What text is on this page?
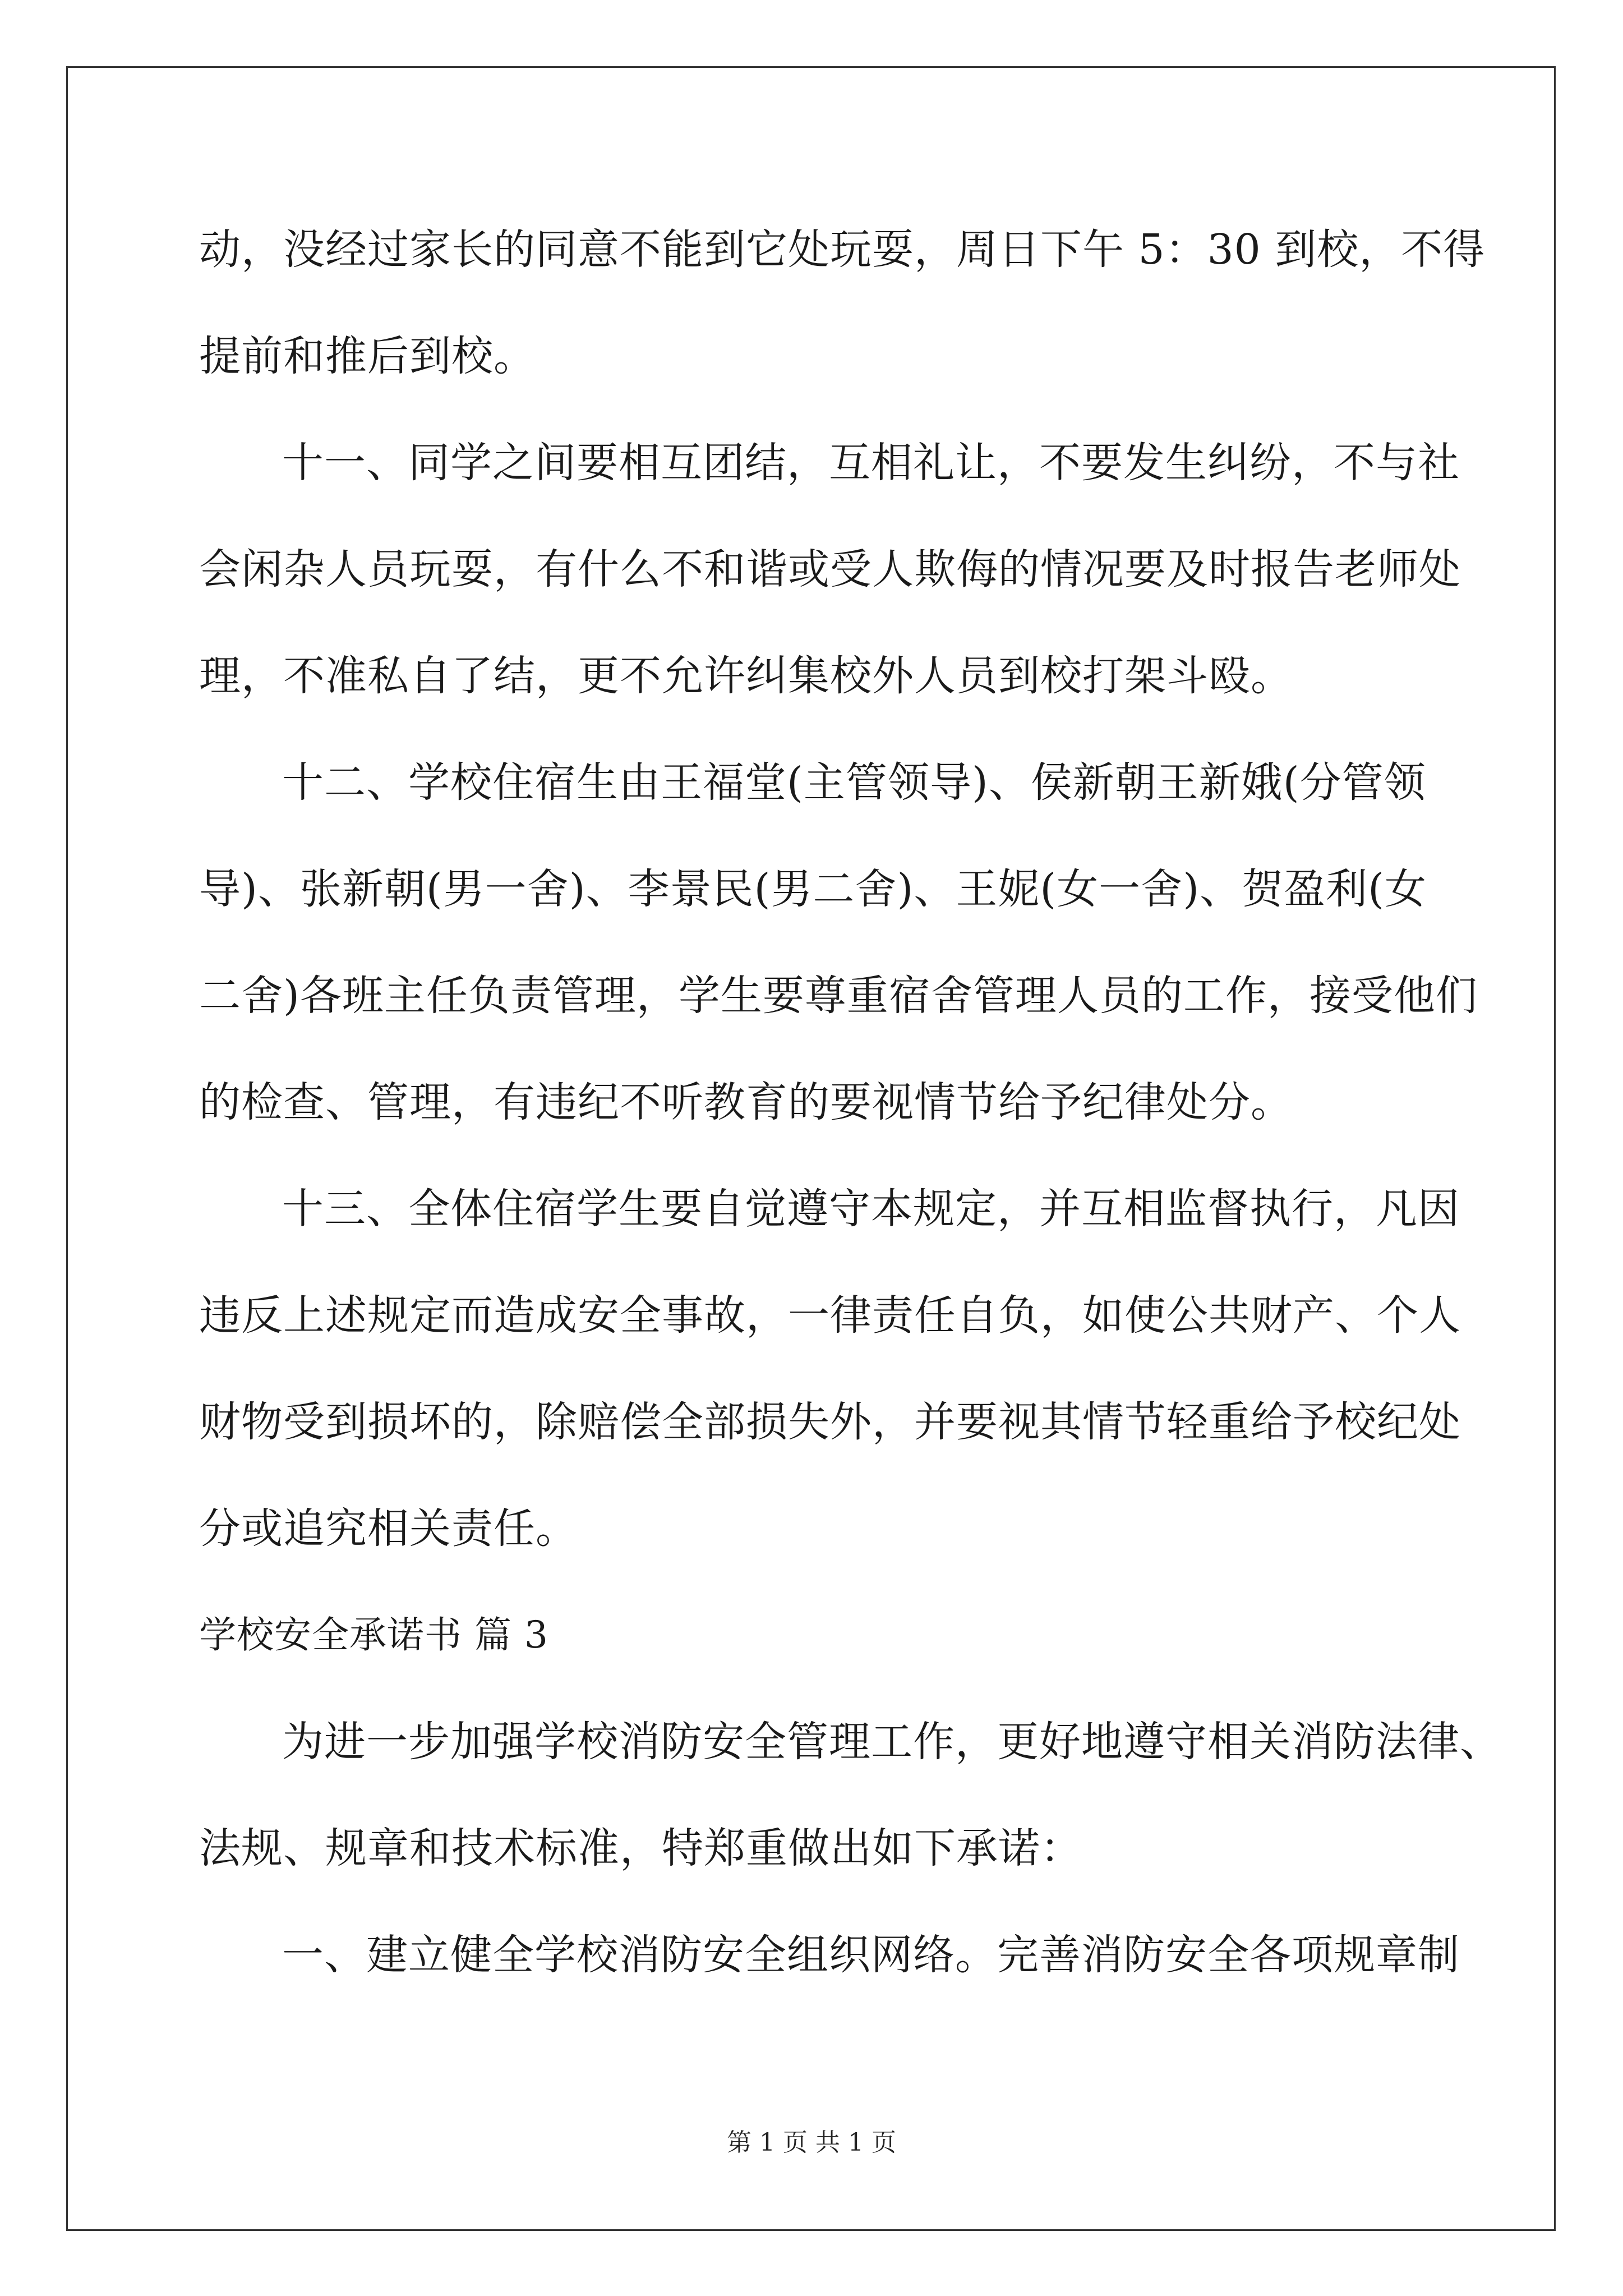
动，没经过家长的同意不能到它处玩耍，周日下午 5：30 到校，不得
提前和推后到校。
十一、同学之间要相互团结，互相礼让，不要发生纠纷，不与社
会闲杂人员玩耍，有什么不和谐或受人欺侮的情况要及时报告老师处
理，不准私自了结，更不允许纠集校外人员到校打架斗殴。
十二、学校住宿生由王福堂(主管领导)、侯新朝王新娥(分管领
导)、张新朝(男一舍)、李景民(男二舍)、王妮(女一舍)、贺盈利(女
二舍)各班主任负责管理，学生要尊重宿舍管理人员的工作，接受他们
的检查、管理，有违纪不听教育的要视情节给予纪律处分。
十三、全体住宿学生要自觉遵守本规定，并互相监督执行，凡因
违反上述规定而造成安全事故，一律责任自负，如使公共财产、个人
财物受到损坏的，除赔偿全部损失外，并要视其情节轻重给予校纪处
分或追究相关责任。
学校安全承诺书 篇 3
为进一步加强学校消防安全管理工作，更好地遵守相关消防法律、
法规、规章和技术标准，特郑重做出如下承诺：
一、建立健全学校消防安全组织网络。完善消防安全各项规章制
第 1 页 共 1 页
